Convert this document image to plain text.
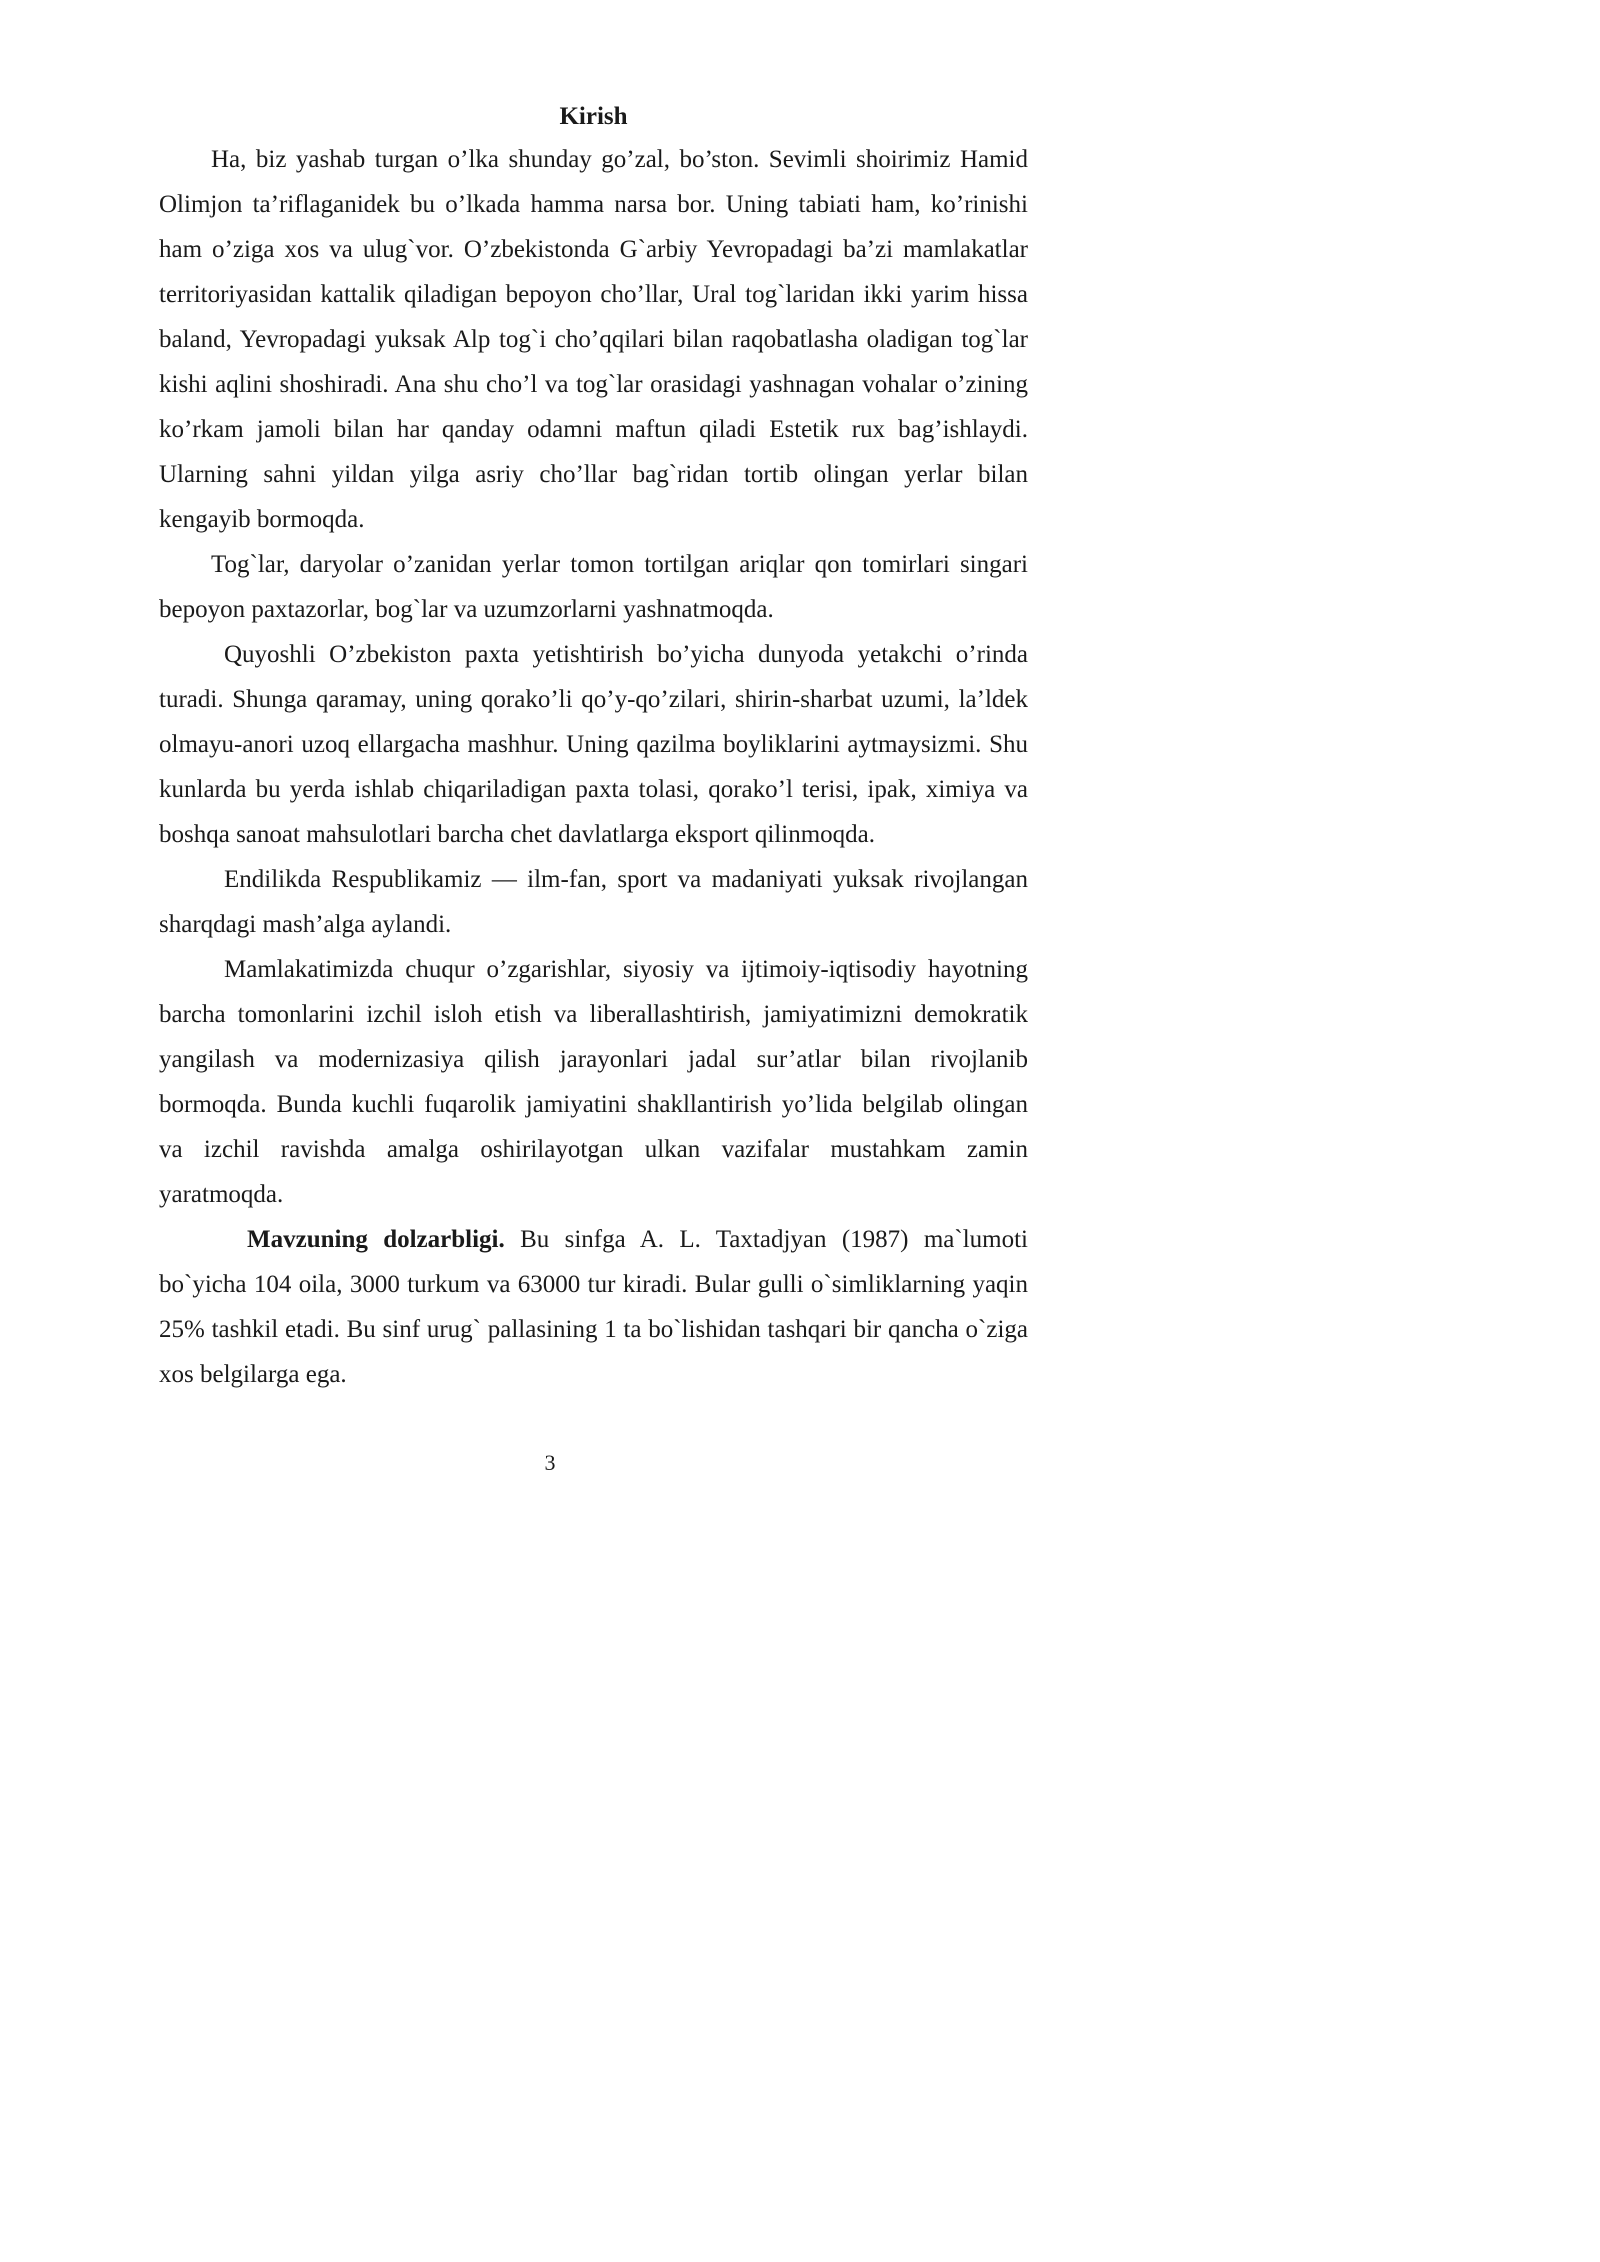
Kirish

Ha, biz yashab turgan o’lka shunday go’zal, bo’ston. Sevimli shoirimiz Hamid Olimjon ta’riflaganidek bu o’lkada hamma narsa bor. Uning tabiati ham, ko’rinishi ham o’ziga xos va ulug`vor. O’zbekistonda G`arbiy Yevropadagi ba’zi mamlakatlar territoriyasidan kattalik qiladigan bepoyon cho’llar, Ural tog`laridan ikki yarim hissa baland, Yevropadagi yuksak Alp tog`i cho’qqilari bilan raqobatlasha oladigan tog`lar kishi aqlini shoshiradi. Ana shu cho’l va tog`lar orasidagi yashnagan vohalar o’zining ko’rkam jamoli bilan har qanday odamni maftun qiladi Estetik rux bag’ishlaydi. Ularning sahni yildan yilga asriy cho’llar bag`ridan tortib olingan yerlar bilan kengayib bormoqda.

Tog`lar, daryolar o’zanidan yerlar tomon tortilgan ariqlar qon tomirlari singari bepoyon paxtazorlar, bog`lar va uzumzorlarni yashnatmoqda.

Quyoshli O’zbekiston paxta yetishtirish bo’yicha dunyoda yetakchi o’rinda turadi. Shunga qaramay, uning qorako’li qo’y-qo’zilari, shirin-sharbat uzumi, la’ldek olmayu-anori uzoq ellargacha mashhur. Uning qazilma boyliklarini aytmaysizmi. Shu kunlarda bu yerda ishlab chiqariladigan paxta tolasi, qorako’l terisi, ipak, ximiya va boshqa sanoat mahsulotlari barcha chet davlatlarga eksport qilinmoqda.

Endilikda Respublikamiz — ilm-fan, sport va madaniyati yuksak rivojlangan sharqdagi mash’alga aylandi.

Mamlakatimizda chuqur o’zgarishlar, siyosiy va ijtimoiy-iqtisodiy hayotning barcha tomonlarini izchil isloh etish va liberallashtirish, jamiyatimizni demokratik yangilash va modernizasiya qilish jarayonlari jadal sur’atlar bilan rivojlanib bormoqda. Bunda kuchli fuqarolik jamiyatini shakllantirish yo’lida belgilab olingan va izchil ravishda amalga oshirilayotgan ulkan vazifalar mustahkam zamin yaratmoqda.

Mavzuning dolzarbligi. Bu sinfga A. L. Taxtadjyan (1987) ma`lumoti bo`yicha 104 oila, 3000 turkum va 63000 tur kiradi. Bular gulli o`simliklarning yaqin 25% tashkil etadi. Bu sinf urug` pallasining 1 ta bo`lishidan tashqari bir qancha o`ziga xos belgilarga ega.

3
